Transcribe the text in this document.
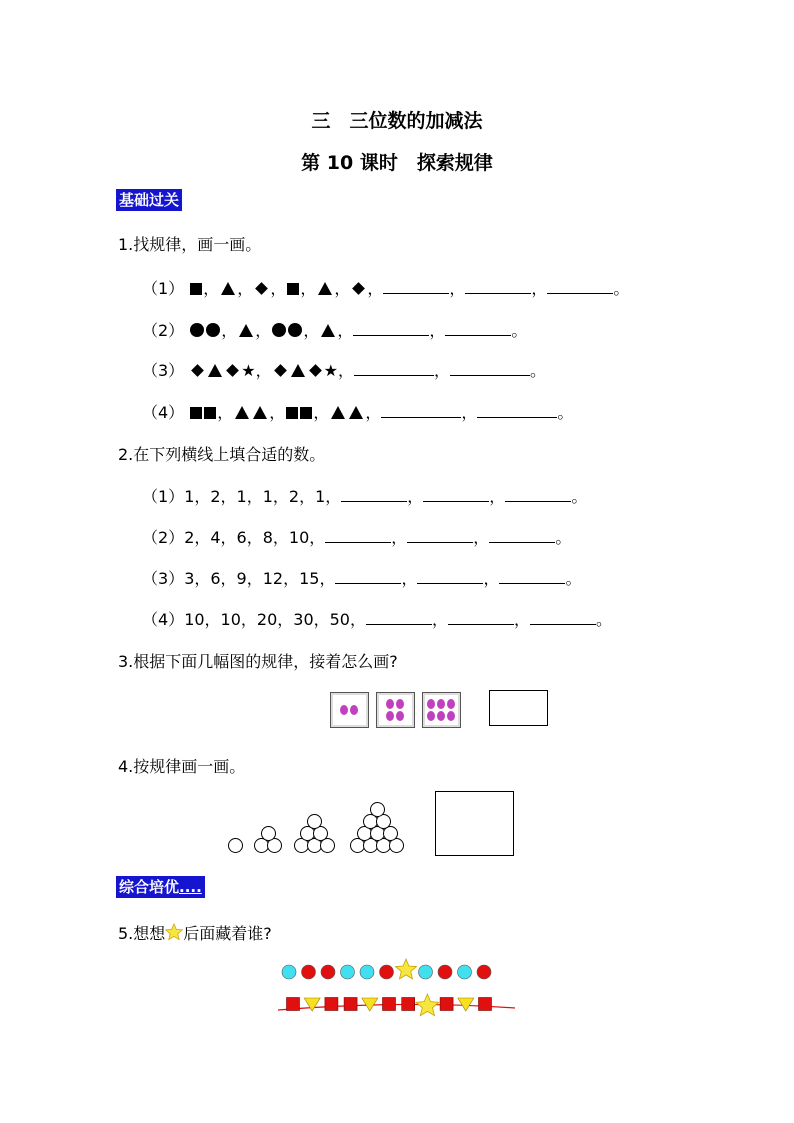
三　三位数的加减法
第 10 课时　探索规律
基础过关
1.找规律，画一画。
（1） ， ， ， ， ， ，	，	，	。
（2） ， ， ， ，	，	。
（3）	★，	★，	，	。
（4） ， ， ， ，	，	。
2.在下列横线上填合适的数。
（1）1，2，1，1，2，1，	，	，	。
（2）2，4，6，8，10，	，	，	。
（3）3，6，9，12，15，	，	，	。
（4）10，10，20，30，50，	，	，	。
3.根据下面几幅图的规律，接着怎么画?
4.按规律画一画。
综合培优....
5.想想 后面藏着谁?
